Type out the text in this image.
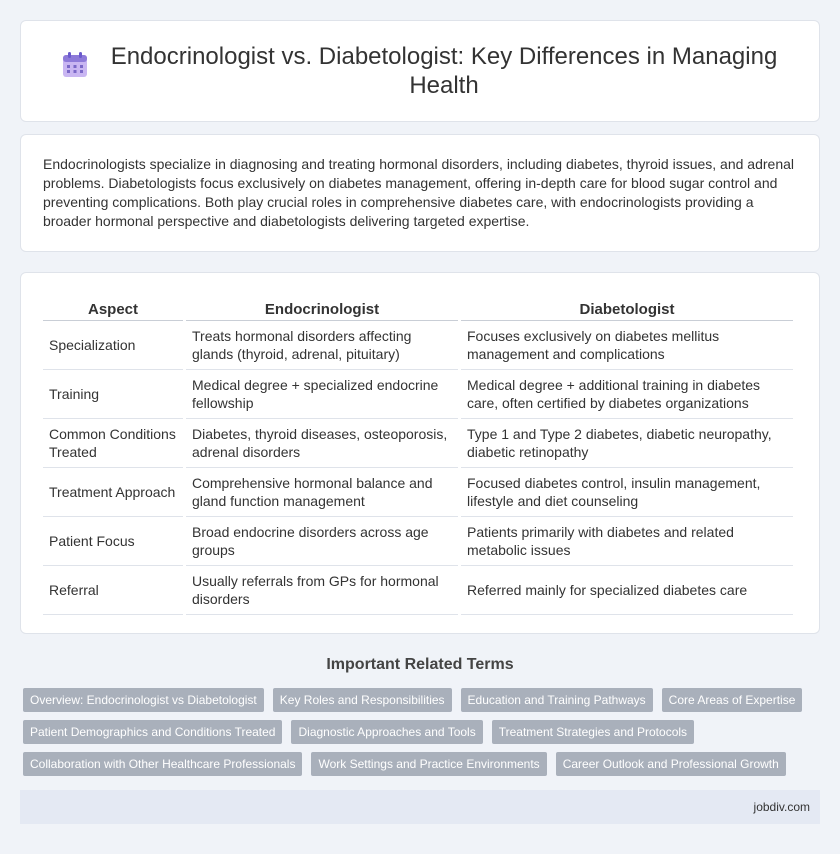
Endocrinologist vs. Diabetologist: Key Differences in Managing Health

Endocrinologists specialize in diagnosing and treating hormonal disorders, including diabetes, thyroid issues, and adrenal problems. Diabetologists focus exclusively on diabetes management, offering in-depth care for blood sugar control and preventing complications. Both play crucial roles in comprehensive diabetes care, with endocrinologists providing a broader hormonal perspective and diabetologists delivering targeted expertise.

Aspect	Endocrinologist	Diabetologist
Specialization	Treats hormonal disorders affecting glands (thyroid, adrenal, pituitary)	Focuses exclusively on diabetes mellitus management and complications
Training	Medical degree + specialized endocrine fellowship	Medical degree + additional training in diabetes care, often certified by diabetes organizations
Common Conditions Treated	Diabetes, thyroid diseases, osteoporosis, adrenal disorders	Type 1 and Type 2 diabetes, diabetic neuropathy, diabetic retinopathy
Treatment Approach	Comprehensive hormonal balance and gland function management	Focused diabetes control, insulin management, lifestyle and diet counseling
Patient Focus	Broad endocrine disorders across age groups	Patients primarily with diabetes and related metabolic issues
Referral	Usually referrals from GPs for hormonal disorders	Referred mainly for specialized diabetes care
Important Related Terms
Overview: Endocrinologist vs Diabetologist	Key Roles and Responsibilities	Education and Training Pathways	Core Areas of Expertise
Patient Demographics and Conditions Treated	Diagnostic Approaches and Tools	Treatment Strategies and Protocols
Collaboration with Other Healthcare Professionals	Work Settings and Practice Environments	Career Outlook and Professional Growth
jobdiv.com
